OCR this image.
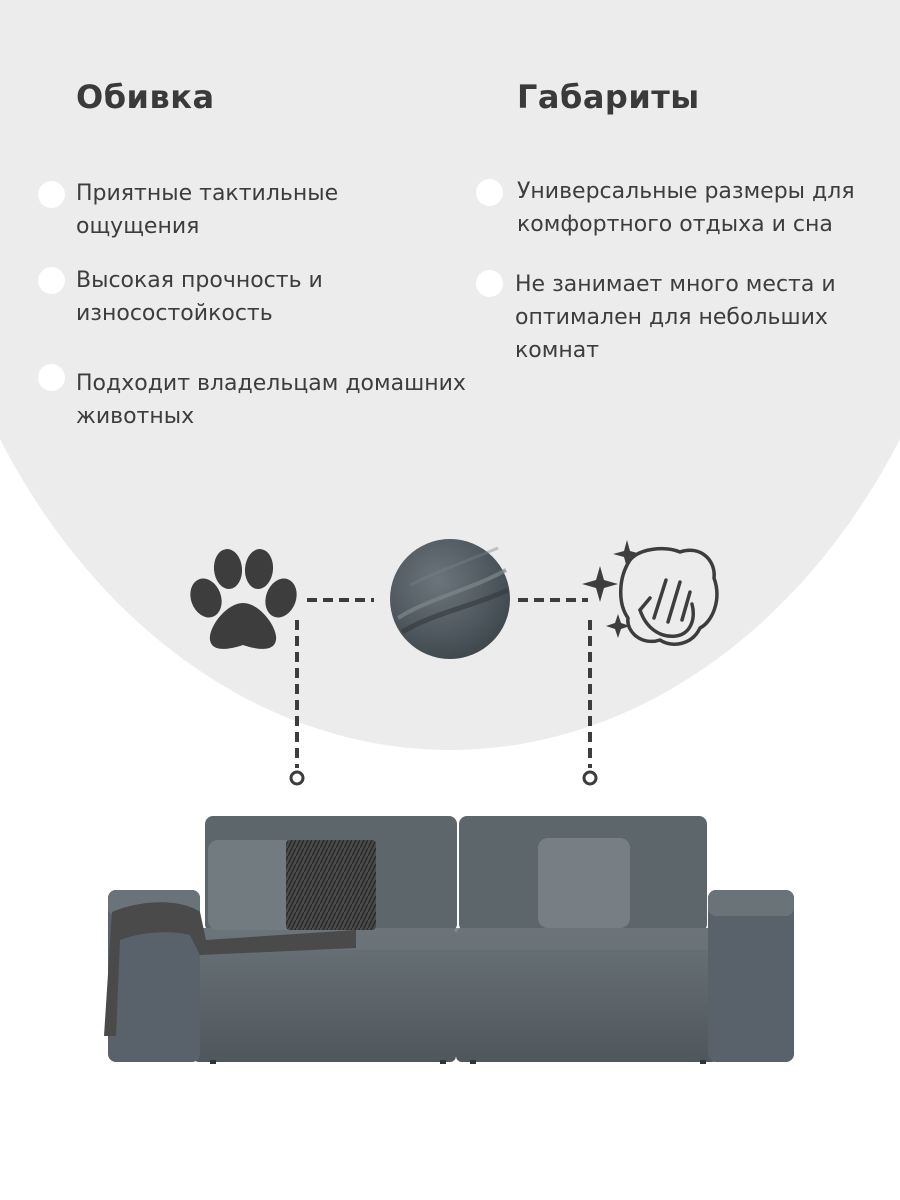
Обивка
Приятные тактильные
ощущения
Высокая прочность и
износостойкость
Подходит владельцам домашних
животных
Габариты
Универсальные размеры для
комфортного отдыха и сна
Не занимает много места и
оптимален для небольших
комнат
